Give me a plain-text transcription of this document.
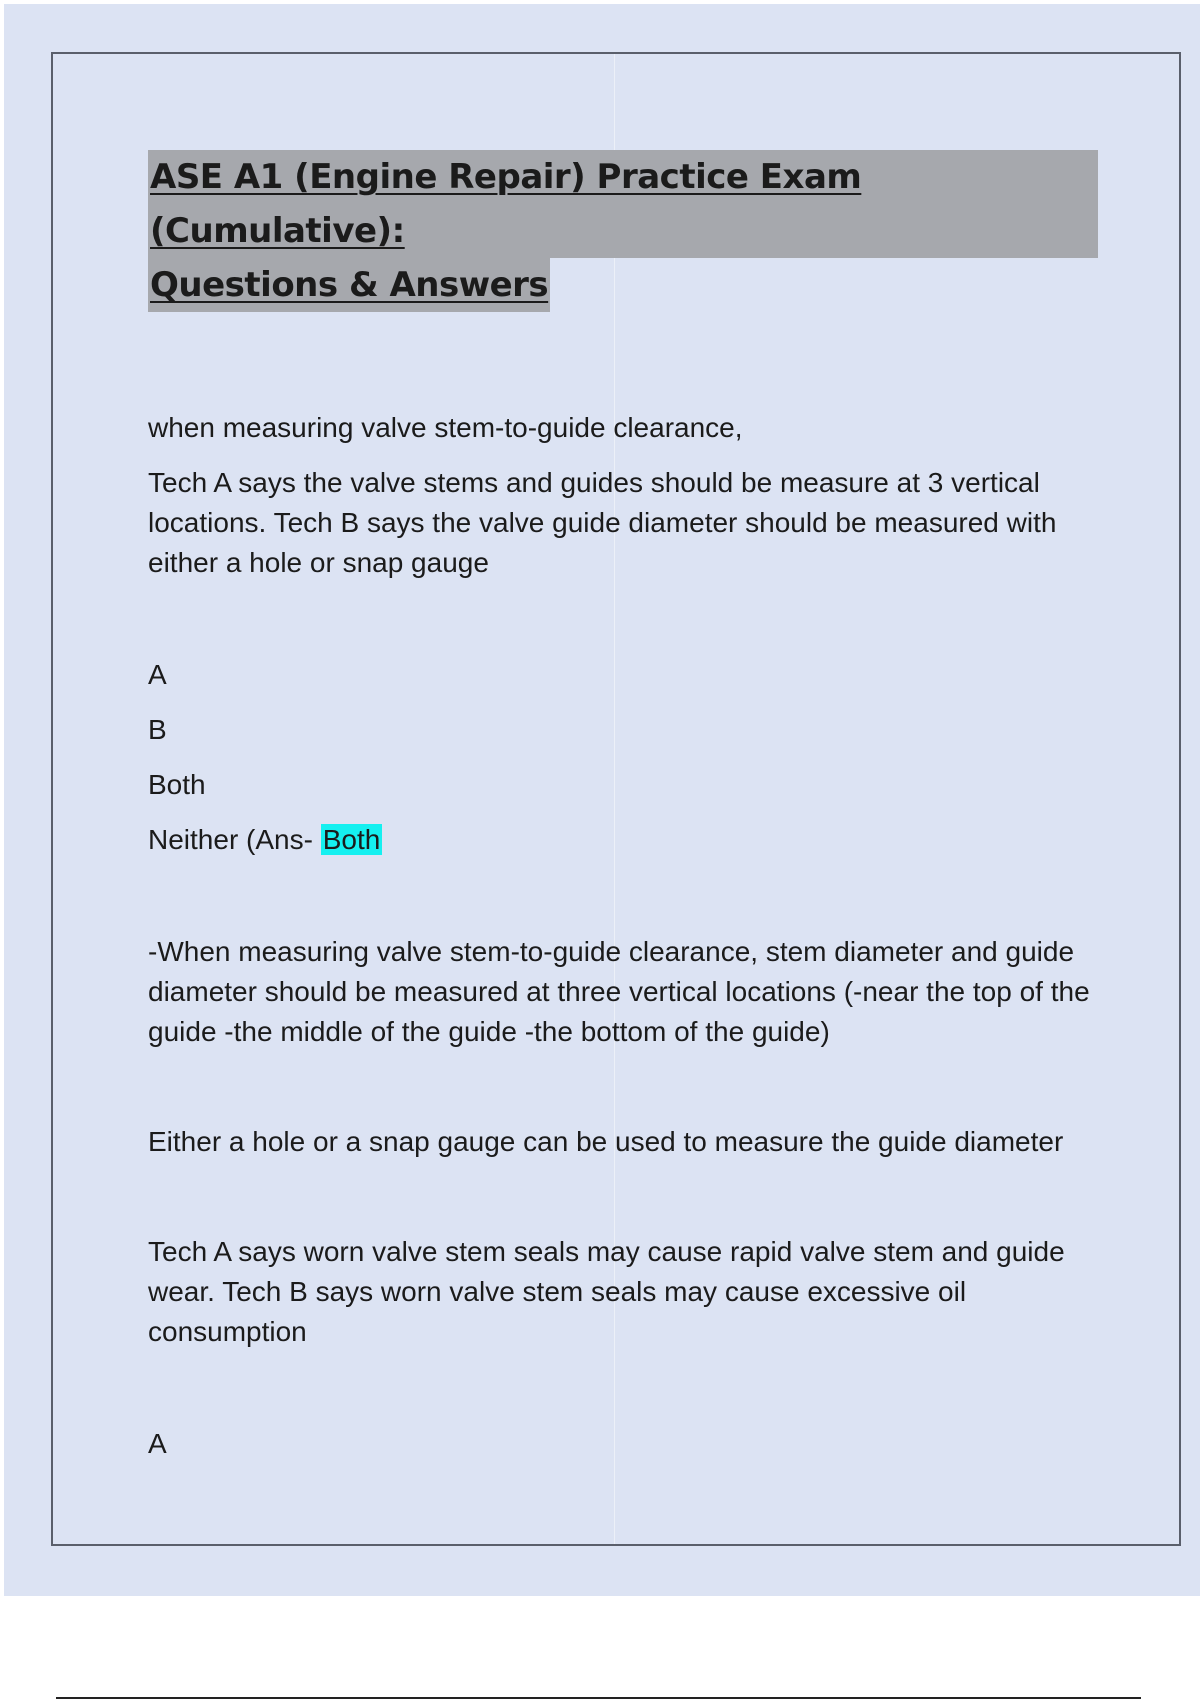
ASE A1 (Engine Repair) Practice Exam (Cumulative):
Questions & Answers

when measuring valve stem-to-guide clearance,

Tech A says the valve stems and guides should be measure at 3 vertical locations. Tech B says the valve guide diameter should be measured with either a hole or snap gauge

A

B

Both

Neither (Ans- Both

-When measuring valve stem-to-guide clearance, stem diameter and guide diameter should be measured at three vertical locations (-near the top of the guide -the middle of the guide -the bottom of the guide)

Either a hole or a snap gauge can be used to measure the guide diameter

Tech A says worn valve stem seals may cause rapid valve stem and guide wear. Tech B says worn valve stem seals may cause excessive oil consumption

A
